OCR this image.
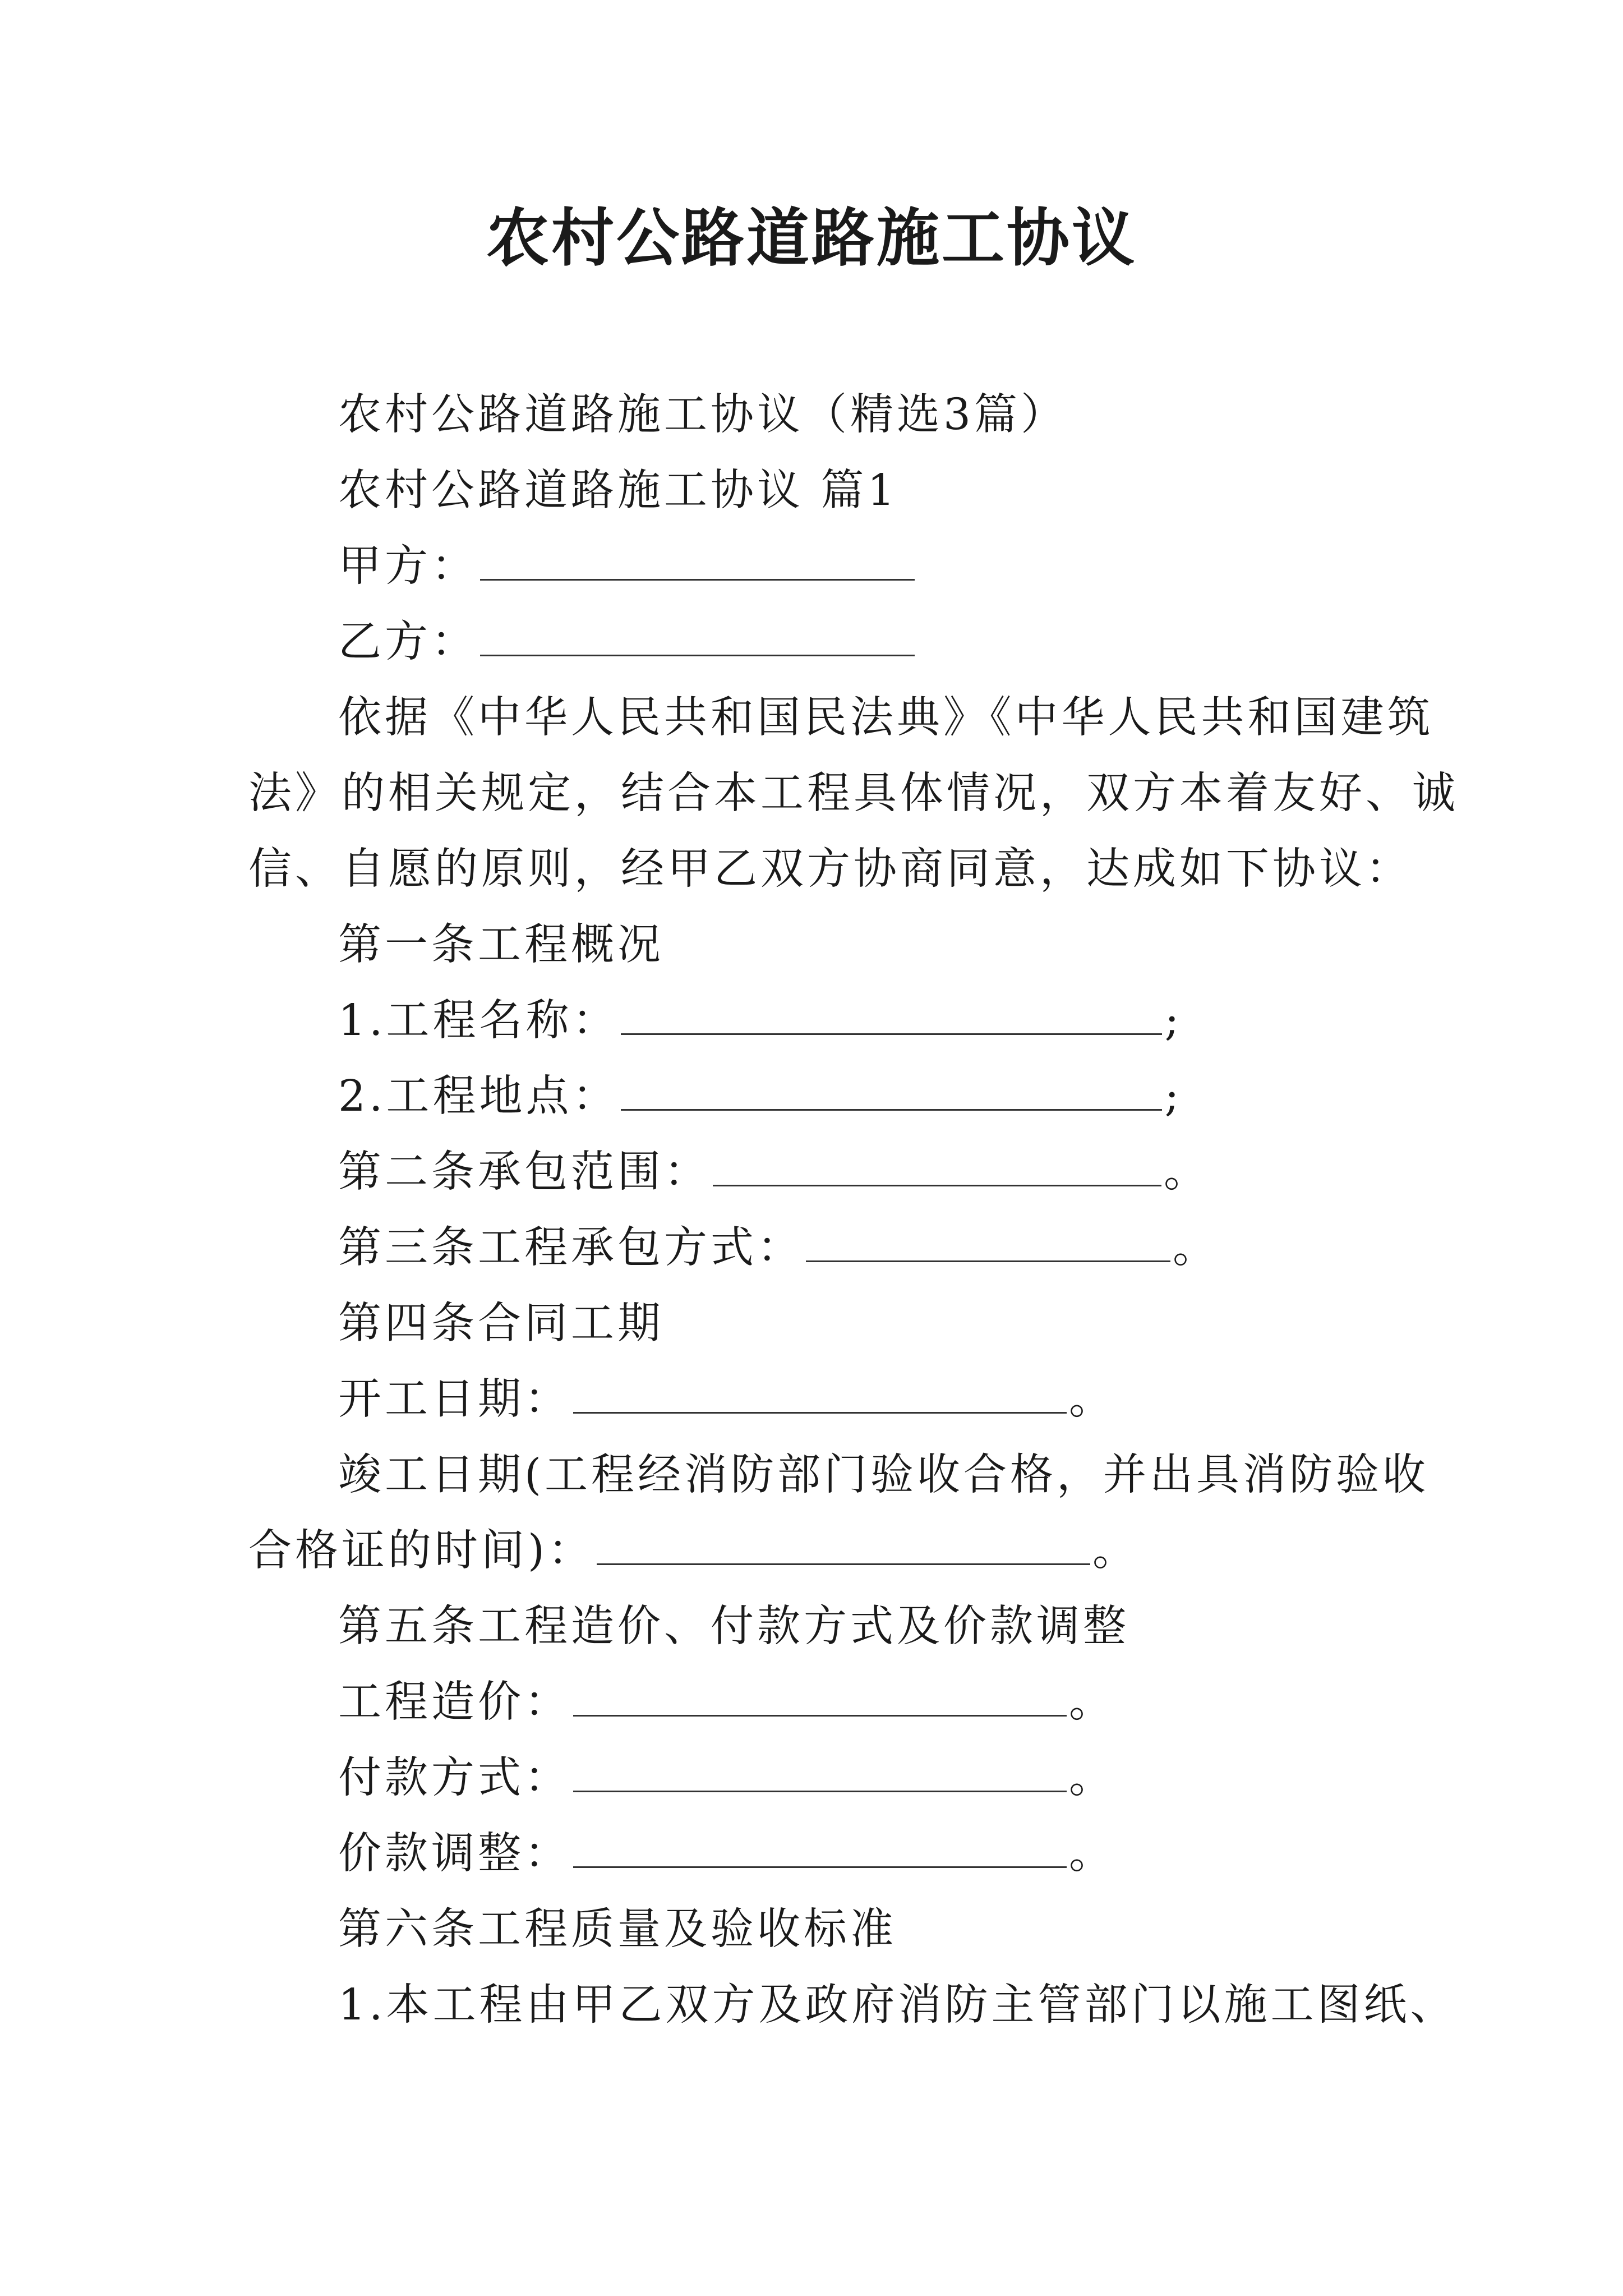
农村公路道路施工协议
农村公路道路施工协议（精选3篇）
农村公路道路施工协议 篇1
甲方：
乙方：
依据《中华人民共和国民法典》《中华人民共和国建筑
法》的相关规定，结合本工程具体情况，双方本着友好、诚
信、自愿的原则，经甲乙双方协商同意，达成如下协议：
第一条工程概况
1.工程名称：	;
2.工程地点：	;
第二条承包范围：	。
第三条工程承包方式：	。
第四条合同工期
开工日期：	。
竣工日期(工程经消防部门验收合格，并出具消防验收
合格证的时间)：	。
第五条工程造价、付款方式及价款调整
工程造价：	。
付款方式：	。
价款调整：	。
第六条工程质量及验收标准
1.本工程由甲乙双方及政府消防主管部门以施工图纸、
